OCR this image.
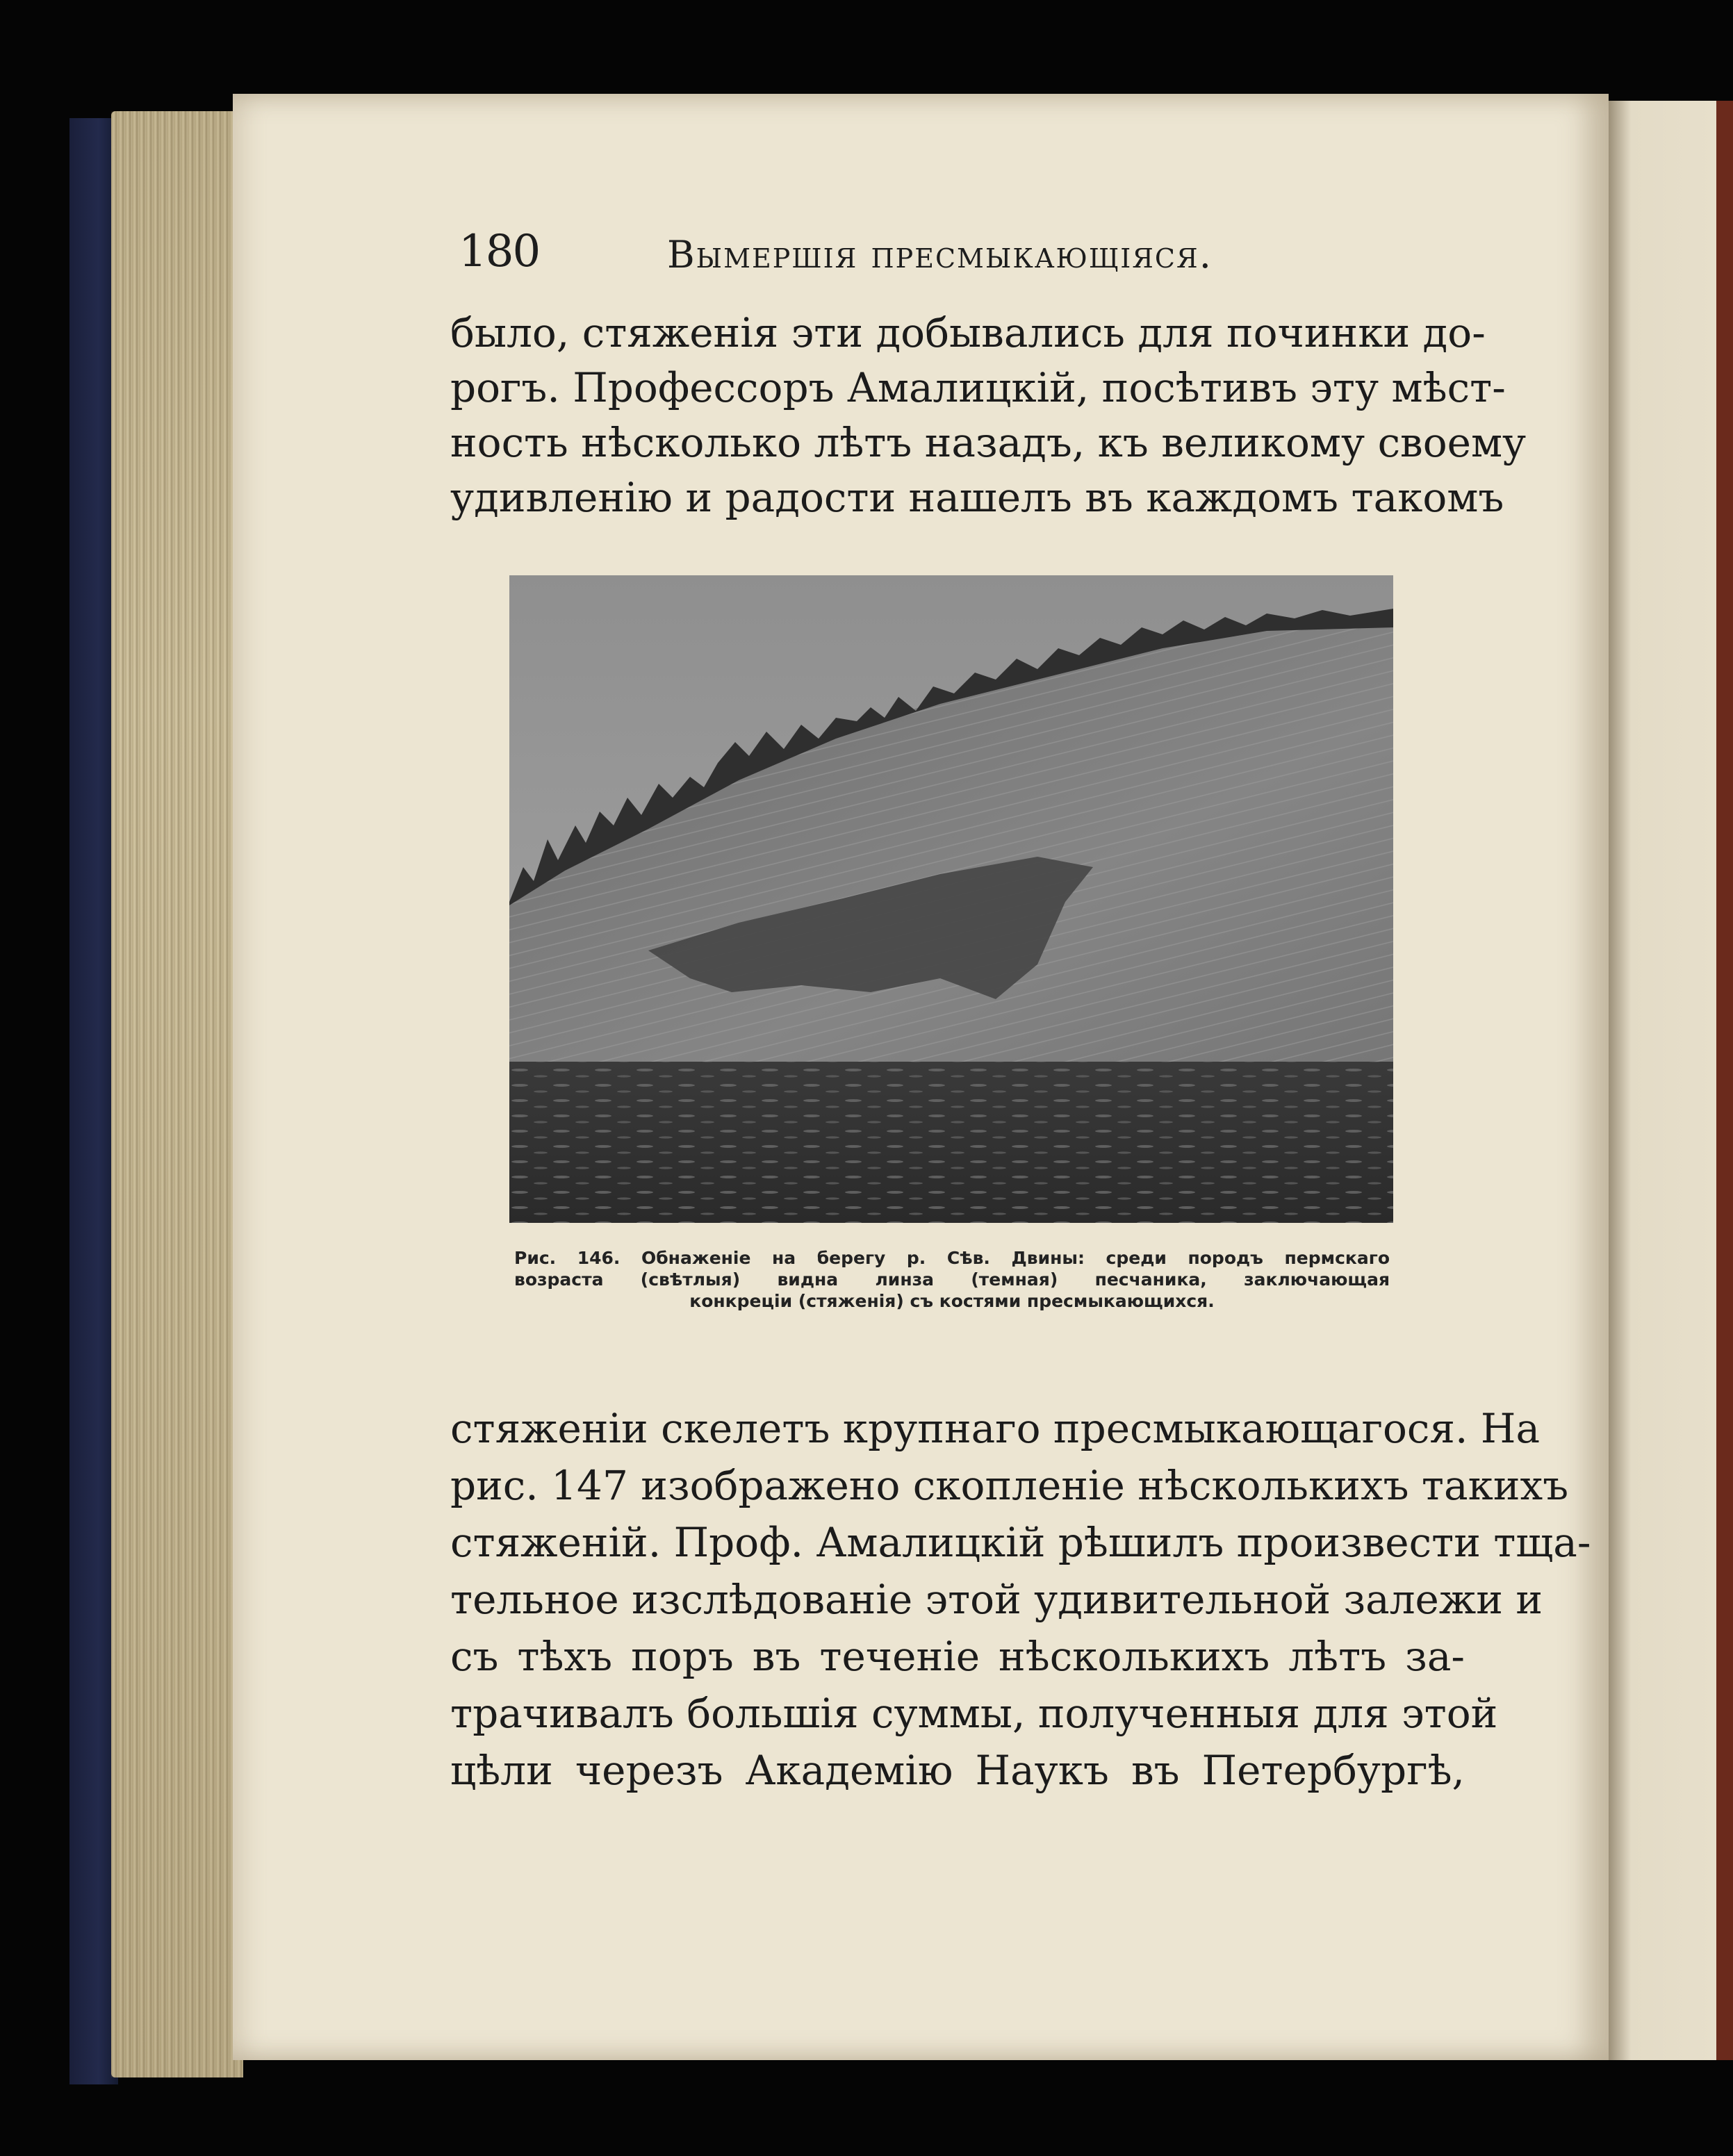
180	Вымершія пресмыкающіяся.
было, стяженія эти добывались для починки до-
рогъ. Профессоръ Амалицкій, посѣтивъ эту мѣст-
ность нѣсколько лѣтъ назадъ, къ великому своему
удивленію и радости нашелъ въ каждомъ такомъ
Рис. 146. Обнаженіе на берегу р. Сѣв. Двины: среди породъ пермскаго
возраста (свѣтлыя) видна линза (темная) песчаника, заключающая
конкреціи (стяженія) съ костями пресмыкающихся.
стяженіи скелетъ крупнаго пресмыкающагося. На
рис. 147 изображено скопленіе нѣсколькихъ такихъ
стяженій. Проф. Амалицкій рѣшилъ произвести тща-
тельное изслѣдованіе этой удивительной залежи и
съ тѣхъ поръ въ теченіе нѣсколькихъ лѣтъ за-
трачивалъ большія суммы, полученныя для этой
цѣли черезъ Академію Наукъ въ Петербургѣ,
